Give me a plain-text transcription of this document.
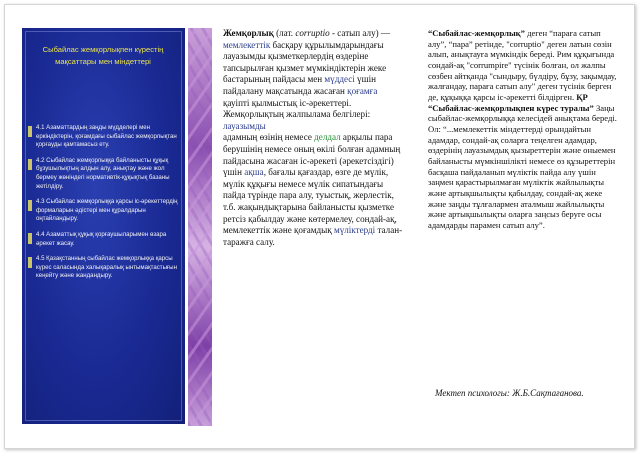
Сыбайлас жемқорлықпен күрестің мақсаттары мен міндеттері
4.1 Азаматтардың заңды мүдделері мен еркіндіктерін, қоғамдағы сыбайлас жемқорлықтан қорғауды қамтамасыз ету.
4.2 Сыбайлас жемқорлыққа байланысты құқық бұзушылықтың алдын алу, анықтау және жол бермеу жөніндегі нормативтік-құқықтық базаны жетілдіру.
4.3 Сыбайлас жемқорлыққа қарсы іс-әрекеттердің формаларын әдістері мен құралдарын оңтайландыру.
4.4 Азаматтық құқық қорғаушыларымен өзара әрекет жасау.
4.5 Қазақстанның сыбайлас жемқорлыққа қарсы күрес саласында халықаралық ынтымақтастығын кеңейту және жандандыру.

Жемқорлық (лат. corruptio - сатып алу) — мемлекеттік басқару құрылымдарындағы лауазымды қызметкерлердің өздеріне тапсырылған қызмет мүмкіндіктерін жеке бастарының пайдасы мен мүддесі үшін пайдалану мақсатында жасаған қоғамға қауіпті қылмыстық іс-әрекеттері. Жемқорлықтың жалпылама белгілері: лауазымды

адамның өзінің немесе делдал арқылы пара берушінің немесе оның өкілі болған адамның пайдасына жасаған іс-әрекеті (әрекетсіздігі) үшін ақша, бағалы қағаздар, өзге де мүлік, мүлік құқығы немесе мүлік сипатындағы пайда түрінде пара алу, туыстық, жерлестік, т.б. жақындықтарына байланысты қызметке ретсіз қабылдау және көтермелеу, сондай-ақ, мемлекеттік және қоғамдық мүліктерді талан-таражға салу.

“Сыбайлас-жемқорлық” деген “параға сатып алу”, “пара” ретінде, "corruptio" деген латын сөзін алып, анықтауға мүмкіндік береді. Рим құқығында сондай-ақ "corrumpire" түсінік болған, ол жалпы сөзбен айтқанда "сындыру, бүлдіру, бұзу, зақымдау, жалғандау, параға сатып алу" деген түсінік берген де, құқыққа қарсы іс-әрекетті білдірген. ҚР “Сыбайлас-жемқорлықпен күрес туралы” Заңы сыбайлас-жемқорлыққа келесідей анықтама береді. Ол: “...мемлекеттік міндеттерді орындайтын адамдар, сондай-ақ соларға теңелген адамдар, өздерінің лауазымдық қызыреттерін және оныемен байланысты мүмкіншілікті немесе өз құзыреттерін басқаша пайдаланып мүліктік пайда алу үшін заңмен қарастырылмаған мүліктік жайлылықты және артықшылықты қабылдау, сондай-ақ жеке және заңды тұлғалармен аталмыш жайлылықты және артықшылықты оларға заңсыз беруге осы адамдарды парамен сатып алу”.

Мектеп психологы: Ж.Б.Сақтағанова.
